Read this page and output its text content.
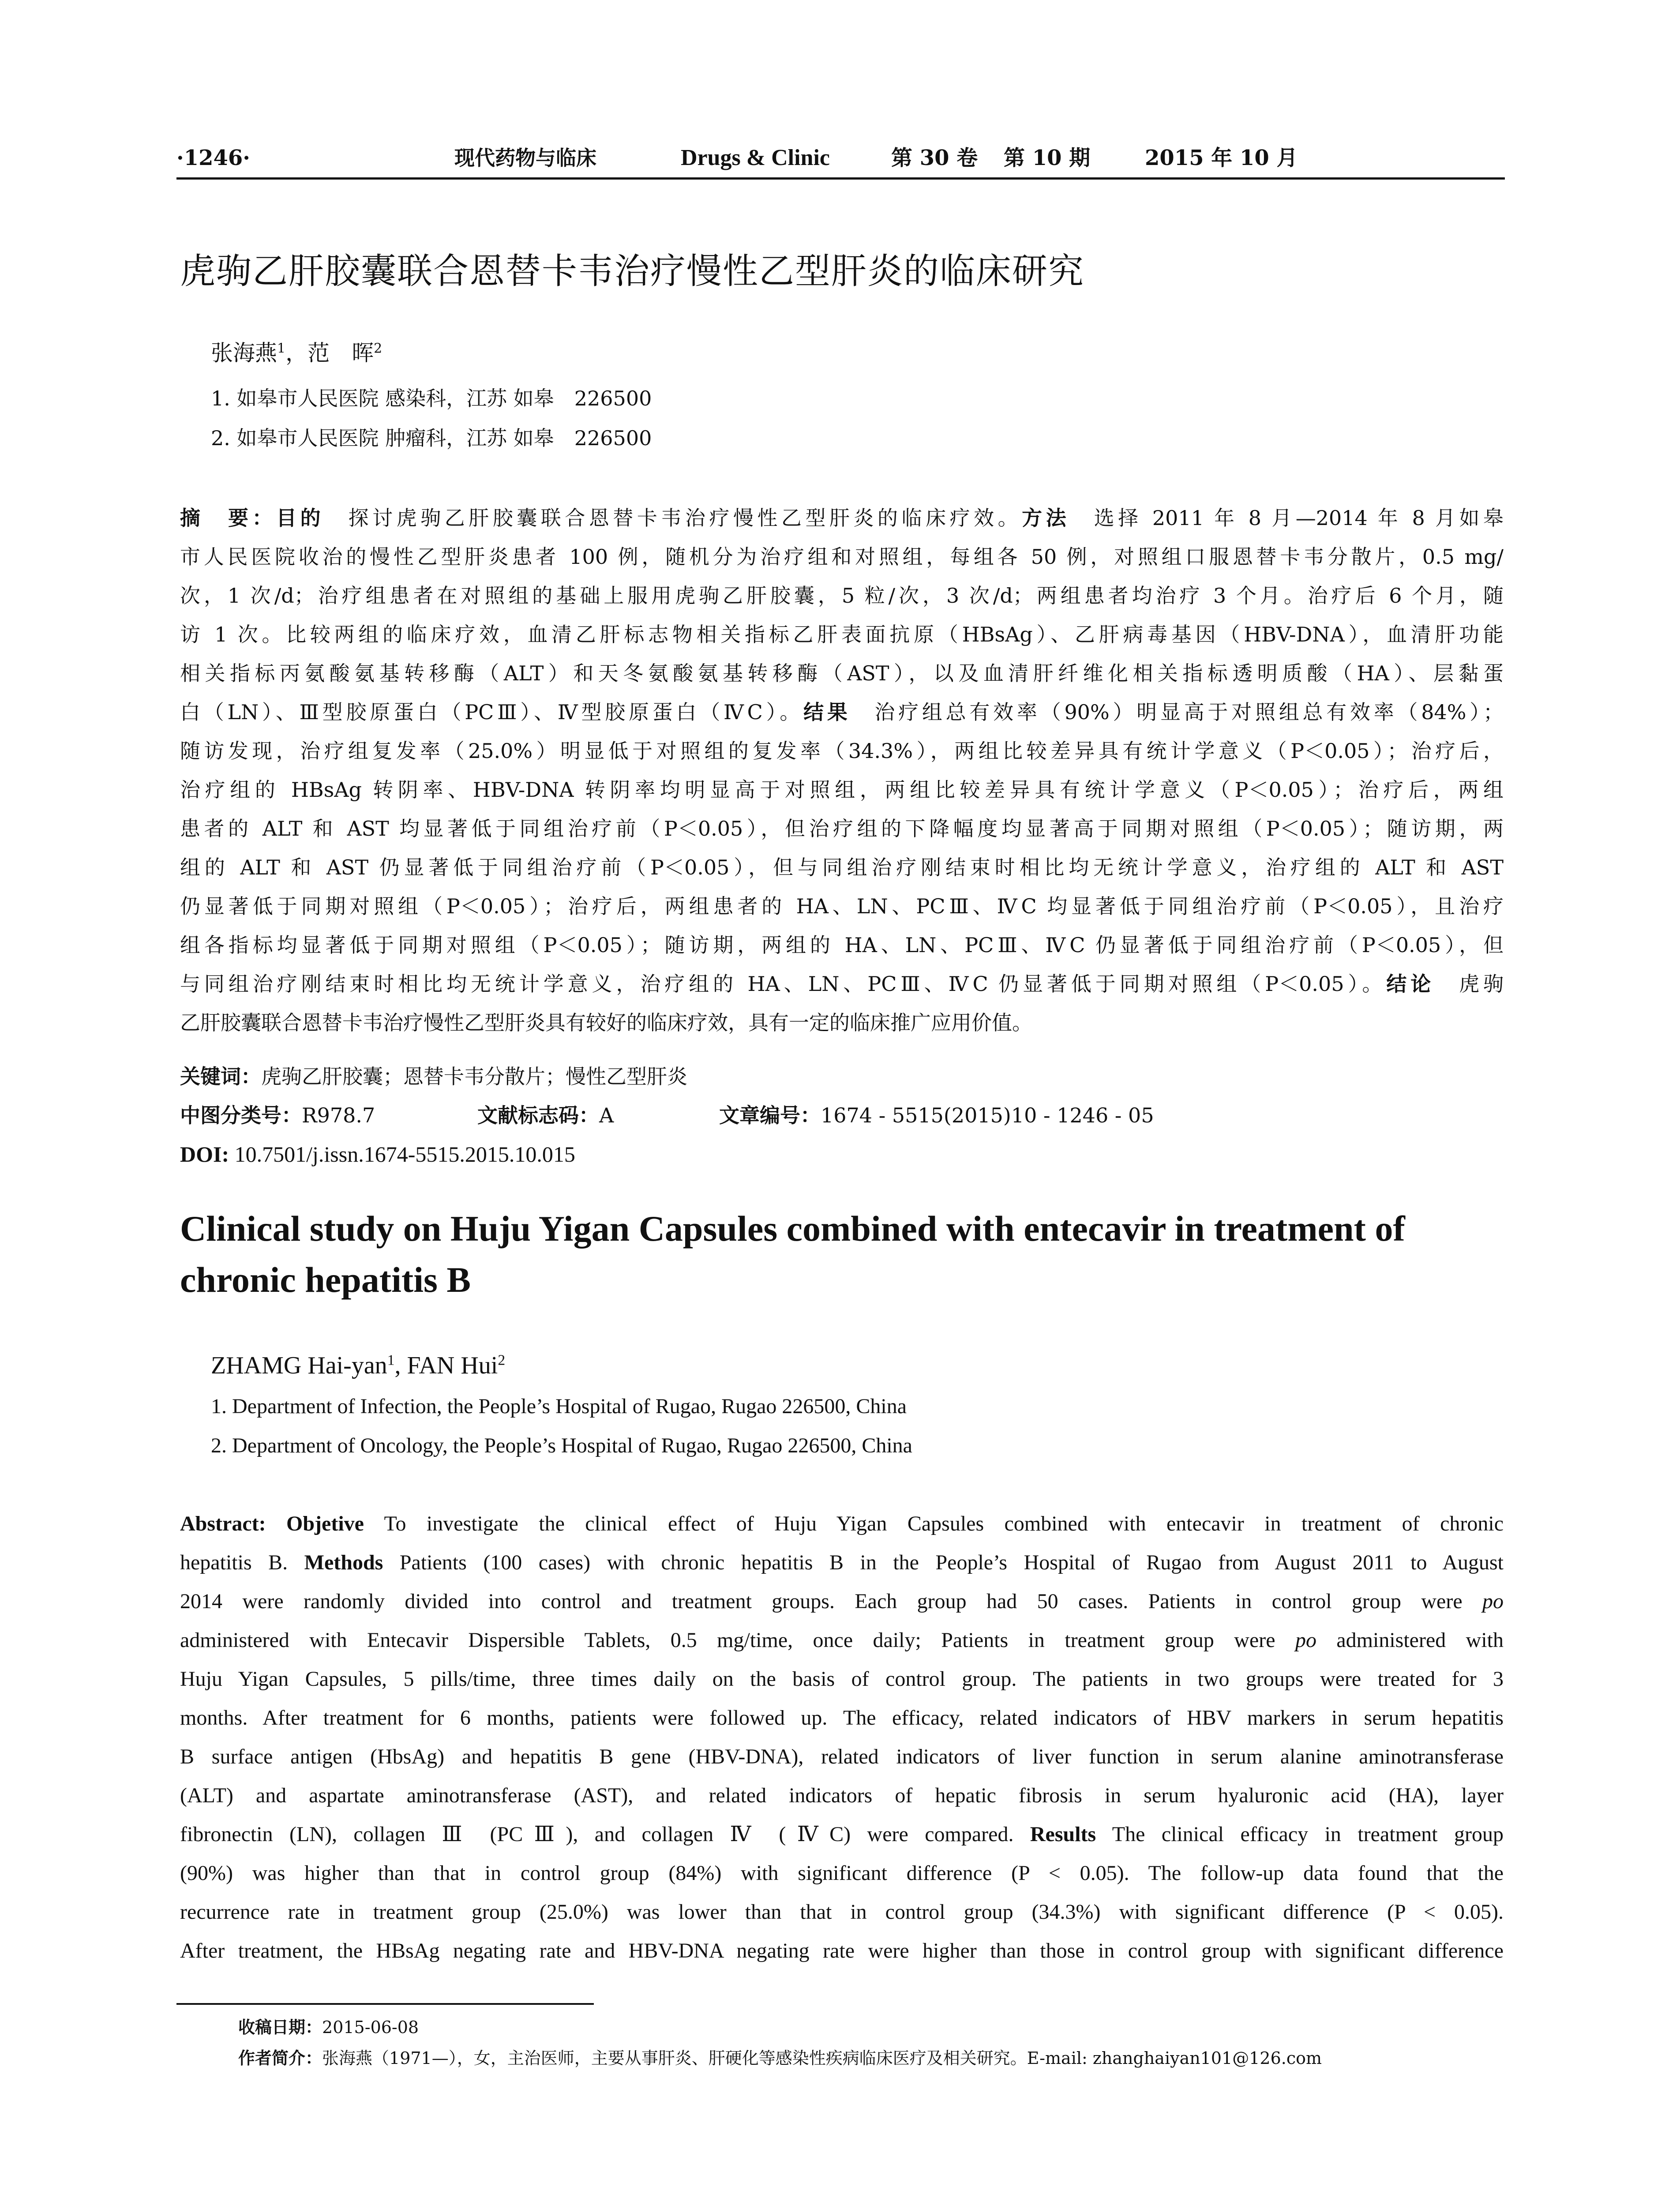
·1246·	现代药物与临床	Drugs & Clinic	第 30 卷 第 10 期	2015 年 10 月
虎驹乙肝胶囊联合恩替卡韦治疗慢性乙型肝炎的临床研究
张海燕$^1$，范　晖$^2$
1. 如皋市人民医院 感染科，江苏 如皋　226500
2. 如皋市人民医院 肿瘤科，江苏 如皋　226500
摘　要：目的　探讨虎驹乙肝胶囊联合恩替卡韦治疗慢性乙型肝炎的临床疗效。方法　选择 2011 年 8 月—2014 年 8 月如皋
市人民医院收治的慢性乙型肝炎患者 100 例，随机分为治疗组和对照组，每组各 50 例，对照组口服恩替卡韦分散片，0.5 mg/
次，1 次/d；治疗组患者在对照组的基础上服用虎驹乙肝胶囊，5 粒/次，3 次/d；两组患者均治疗 3 个月。治疗后 6 个月，随
访 1 次。比较两组的临床疗效，血清乙肝标志物相关指标乙肝表面抗原（HBsAg）、乙肝病毒基因（HBV-DNA），血清肝功能
相关指标丙氨酸氨基转移酶（ALT）和天冬氨酸氨基转移酶（AST），以及血清肝纤维化相关指标透明质酸（HA）、层黏蛋
白（LN）、Ⅲ型胶原蛋白（PCⅢ）、Ⅳ型胶原蛋白（ⅣC）。结果　治疗组总有效率（90%）明显高于对照组总有效率（84%）；
随访发现，治疗组复发率（25.0%）明显低于对照组的复发率（34.3%），两组比较差异具有统计学意义（P＜0.05）；治疗后，
治疗组的 HBsAg 转阴率、HBV-DNA 转阴率均明显高于对照组，两组比较差异具有统计学意义（P＜0.05）；治疗后，两组
患者的 ALT 和 AST 均显著低于同组治疗前（P＜0.05），但治疗组的下降幅度均显著高于同期对照组（P＜0.05）；随访期，两
组的 ALT 和 AST 仍显著低于同组治疗前（P＜0.05），但与同组治疗刚结束时相比均无统计学意义，治疗组的 ALT 和 AST
仍显著低于同期对照组（P＜0.05）；治疗后，两组患者的 HA、LN、PCⅢ、ⅣC 均显著低于同组治疗前（P＜0.05），且治疗
组各指标均显著低于同期对照组（P＜0.05）；随访期，两组的 HA、LN、PCⅢ、ⅣC 仍显著低于同组治疗前（P＜0.05），但
与同组治疗刚结束时相比均无统计学意义，治疗组的 HA、LN、PCⅢ、ⅣC 仍显著低于同期对照组（P＜0.05）。结论　虎驹
乙肝胶囊联合恩替卡韦治疗慢性乙型肝炎具有较好的临床疗效，具有一定的临床推广应用价值。
关键词：虎驹乙肝胶囊；恩替卡韦分散片；慢性乙型肝炎
中图分类号：R978.7	文献标志码：A	文章编号：1674 - 5515(2015)10 - 1246 - 05
DOI: 10.7501/j.issn.1674-5515.2015.10.015
Clinical study on Huju Yigan Capsules combined with entecavir in treatment of chronic hepatitis B
ZHAMG Hai-yan$^1$, FAN Hui$^2$
1. Department of Infection, the People’s Hospital of Rugao, Rugao 226500, China
2. Department of Oncology, the People’s Hospital of Rugao, Rugao 226500, China
Abstract: Objetive To investigate the clinical effect of Huju Yigan Capsules combined with entecavir in treatment of chronic
hepatitis B. Methods Patients (100 cases) with chronic hepatitis B in the People’s Hospital of Rugao from August 2011 to August
2014 were randomly divided into control and treatment groups. Each group had 50 cases. Patients in control group were po
administered with Entecavir Dispersible Tablets, 0.5 mg/time, once daily; Patients in treatment group were po administered with
Huju Yigan Capsules, 5 pills/time, three times daily on the basis of control group. The patients in two groups were treated for 3
months. After treatment for 6 months, patients were followed up. The efficacy, related indicators of HBV markers in serum hepatitis
B surface antigen (HbsAg) and hepatitis B gene (HBV-DNA), related indicators of liver function in serum alanine aminotransferase
(ALT) and aspartate aminotransferase (AST), and related indicators of hepatic fibrosis in serum hyaluronic acid (HA), layer
fibronectin (LN), collagen Ⅲ (PCⅢ), and collagen Ⅳ (ⅣC) were compared. Results The clinical efficacy in treatment group
(90%) was higher than that in control group (84%) with significant difference (P < 0.05). The follow-up data found that the
recurrence rate in treatment group (25.0%) was lower than that in control group (34.3%) with significant difference (P < 0.05).
After treatment, the HBsAg negating rate and HBV-DNA negating rate were higher than those in control group with significant difference
收稿日期：2015-06-08
作者简介：张海燕（1971—），女，主治医师，主要从事肝炎、肝硬化等感染性疾病临床医疗及相关研究。E-mail: zhanghaiyan101@126.com
